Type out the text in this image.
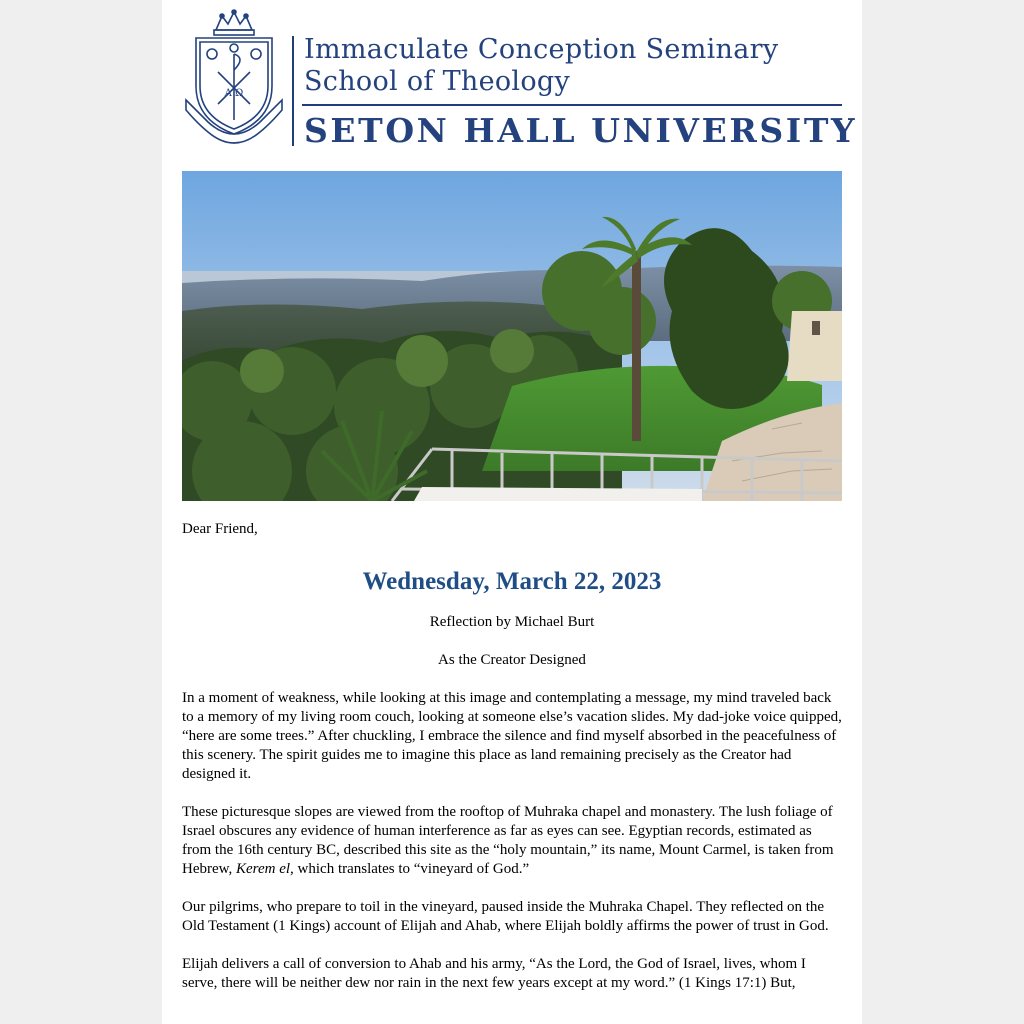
A Ω
Immaculate Conception Seminary
School of Theology
SETON HALL UNIVERSITY

Dear Friend,

Wednesday, March 22, 2023

Reflection by Michael Burt

As the Creator Designed

In a moment of weakness, while looking at this image and contemplating a message, my mind traveled back to a memory of my living room couch, looking at someone else’s vacation slides. My dad-joke voice quipped, “here are some trees.” After chuckling, I embrace the silence and find myself absorbed in the peacefulness of this scenery. The spirit guides me to imagine this place as land remaining precisely as the Creator had designed it.

These picturesque slopes are viewed from the rooftop of Muhraka chapel and monastery. The lush foliage of Israel obscures any evidence of human interference as far as eyes can see. Egyptian records, estimated as from the 16th century BC, described this site as the “holy mountain,” its name, Mount Carmel, is taken from Hebrew, Kerem el, which translates to “vineyard of God.”

Our pilgrims, who prepare to toil in the vineyard, paused inside the Muhraka Chapel. They reflected on the Old Testament (1 Kings) account of Elijah and Ahab, where Elijah boldly affirms the power of trust in God.

Elijah delivers a call of conversion to Ahab and his army, “As the Lord, the God of Israel, lives, whom I serve, there will be neither dew nor rain in the next few years except at my word.” (1 Kings 17:1) But,
